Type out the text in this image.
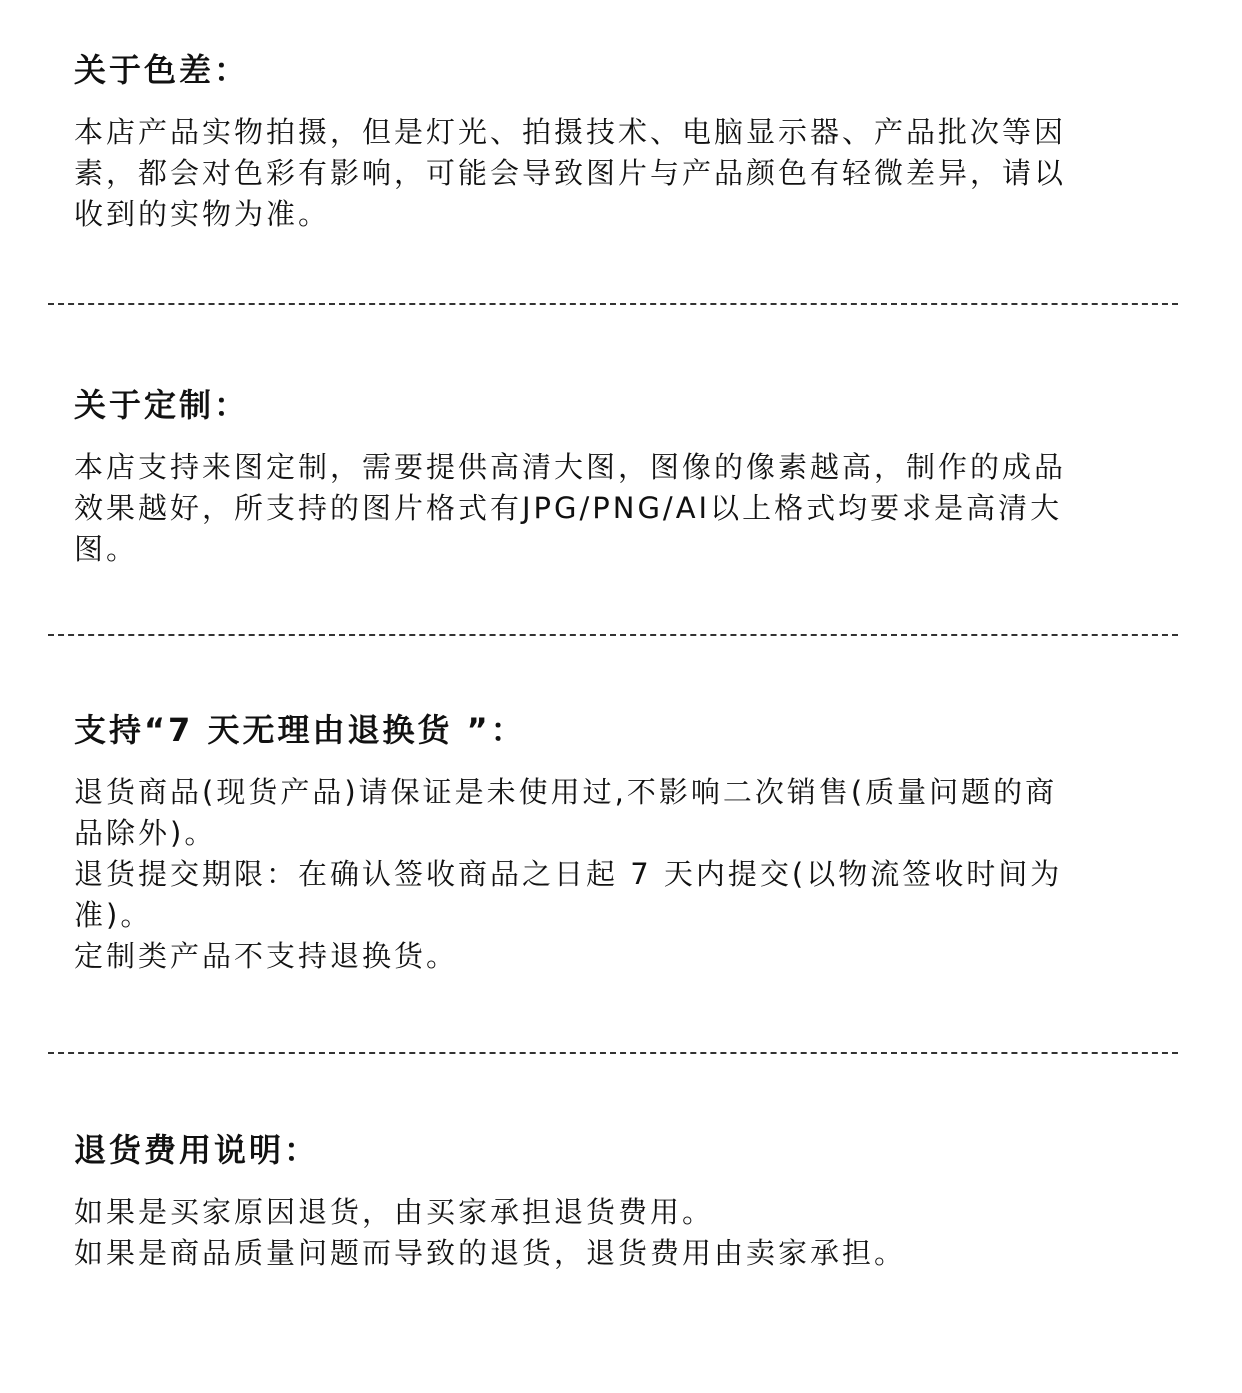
关于色差：

本店产品实物拍摄，但是灯光、拍摄技术、电脑显示器、产品批次等因
素，都会对色彩有影响，可能会导致图片与产品颜色有轻微差异，请以
收到的实物为准。

关于定制：

本店支持来图定制，需要提供高清大图，图像的像素越高，制作的成品
效果越好，所支持的图片格式有JPG/PNG/AI以上格式均要求是高清大
图。

支持“7 天无理由退换货 ”：

退货商品(现货产品)请保证是未使用过,不影响二次销售(质量问题的商
品除外)。
退货提交期限：在确认签收商品之日起 7 天内提交(以物流签收时间为
准)。
定制类产品不支持退换货。

退货费用说明：

如果是买家原因退货，由买家承担退货费用。
如果是商品质量问题而导致的退货，退货费用由卖家承担。
